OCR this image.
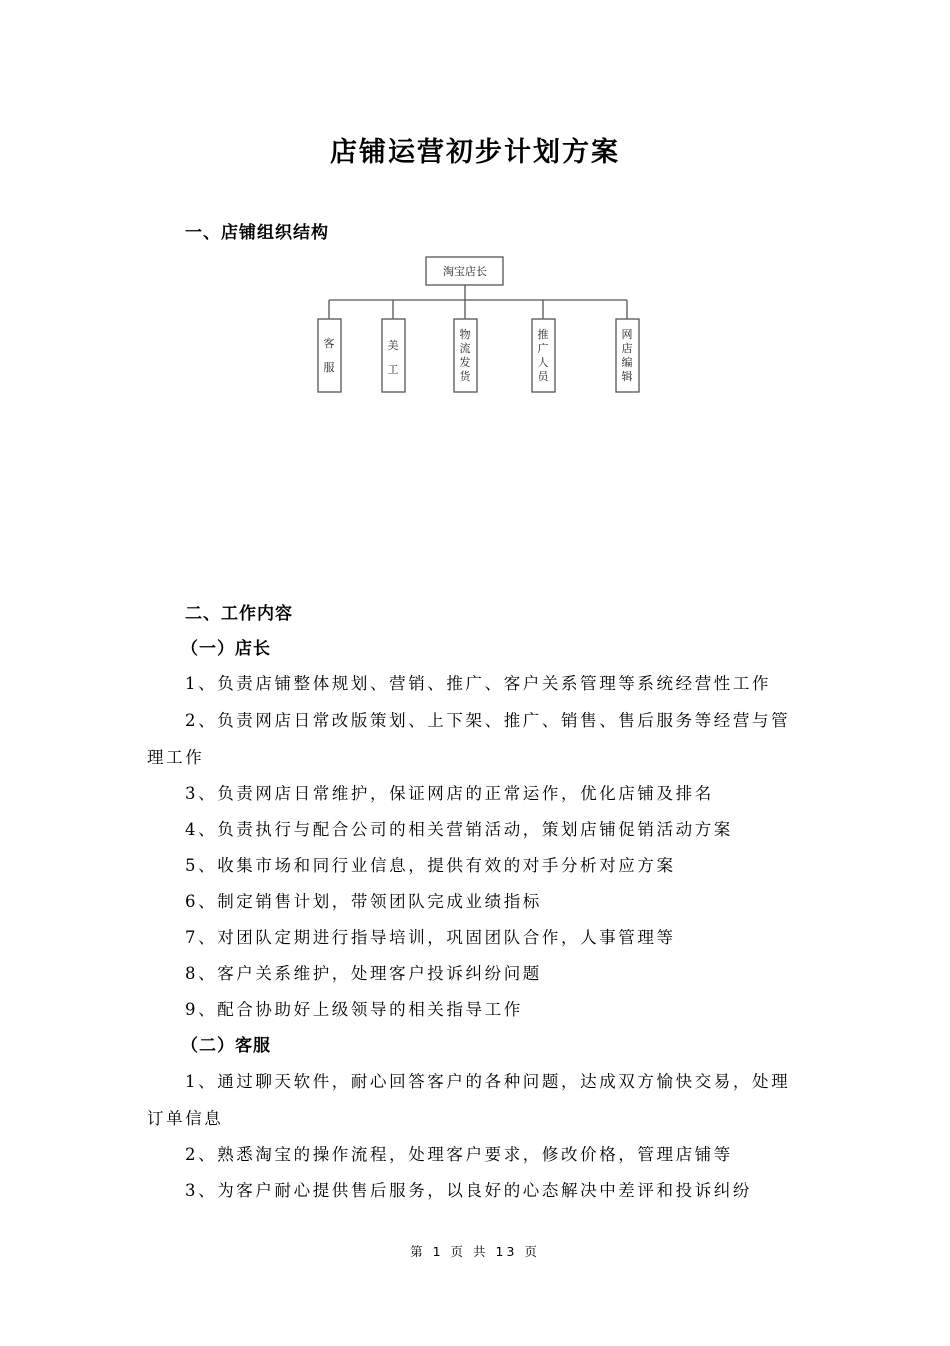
店铺运营初步计划方案
一、店铺组织结构
淘宝店长
客
服
美
工
物
流
发
货
推
广
人
员
网
店
编
辑
二、工作内容
（一）店长
1、负责店铺整体规划、营销、推广、客户关系管理等系统经营性工作
2、负责网店日常改版策划、上下架、推广、销售、售后服务等经营与管
理工作
3、负责网店日常维护，保证网店的正常运作，优化店铺及排名
4、负责执行与配合公司的相关营销活动，策划店铺促销活动方案
5、收集市场和同行业信息，提供有效的对手分析对应方案
6、制定销售计划，带领团队完成业绩指标
7、对团队定期进行指导培训，巩固团队合作，人事管理等
8、客户关系维护，处理客户投诉纠纷问题
9、配合协助好上级领导的相关指导工作
（二）客服
1、通过聊天软件，耐心回答客户的各种问题，达成双方愉快交易，处理
订单信息
2、熟悉淘宝的操作流程，处理客户要求，修改价格，管理店铺等
3、为客户耐心提供售后服务，以良好的心态解决中差评和投诉纠纷
第 1 页 共 13 页
